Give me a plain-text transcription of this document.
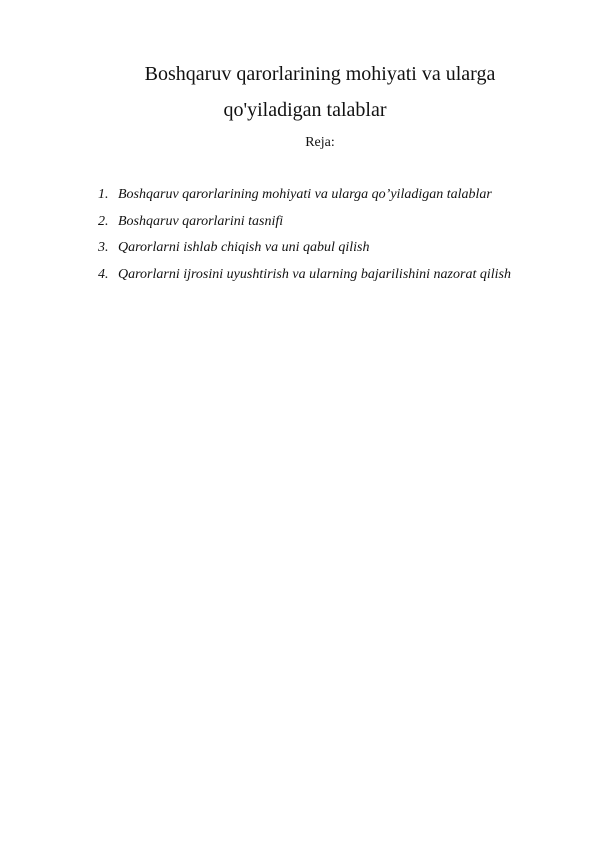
Boshqaruv qarorlarining mohiyati va ularga
qo'yiladigan talablar
Reja:
1. Boshqaruv qarorlarining mohiyati va ularga qo’yiladigan talablar
2. Boshqaruv qarorlarini tasnifi
3. Qarorlarni ishlab chiqish va uni qabul qilish
4. Qarorlarni ijrosini uyushtirish va ularning bajarilishini nazorat qilish
